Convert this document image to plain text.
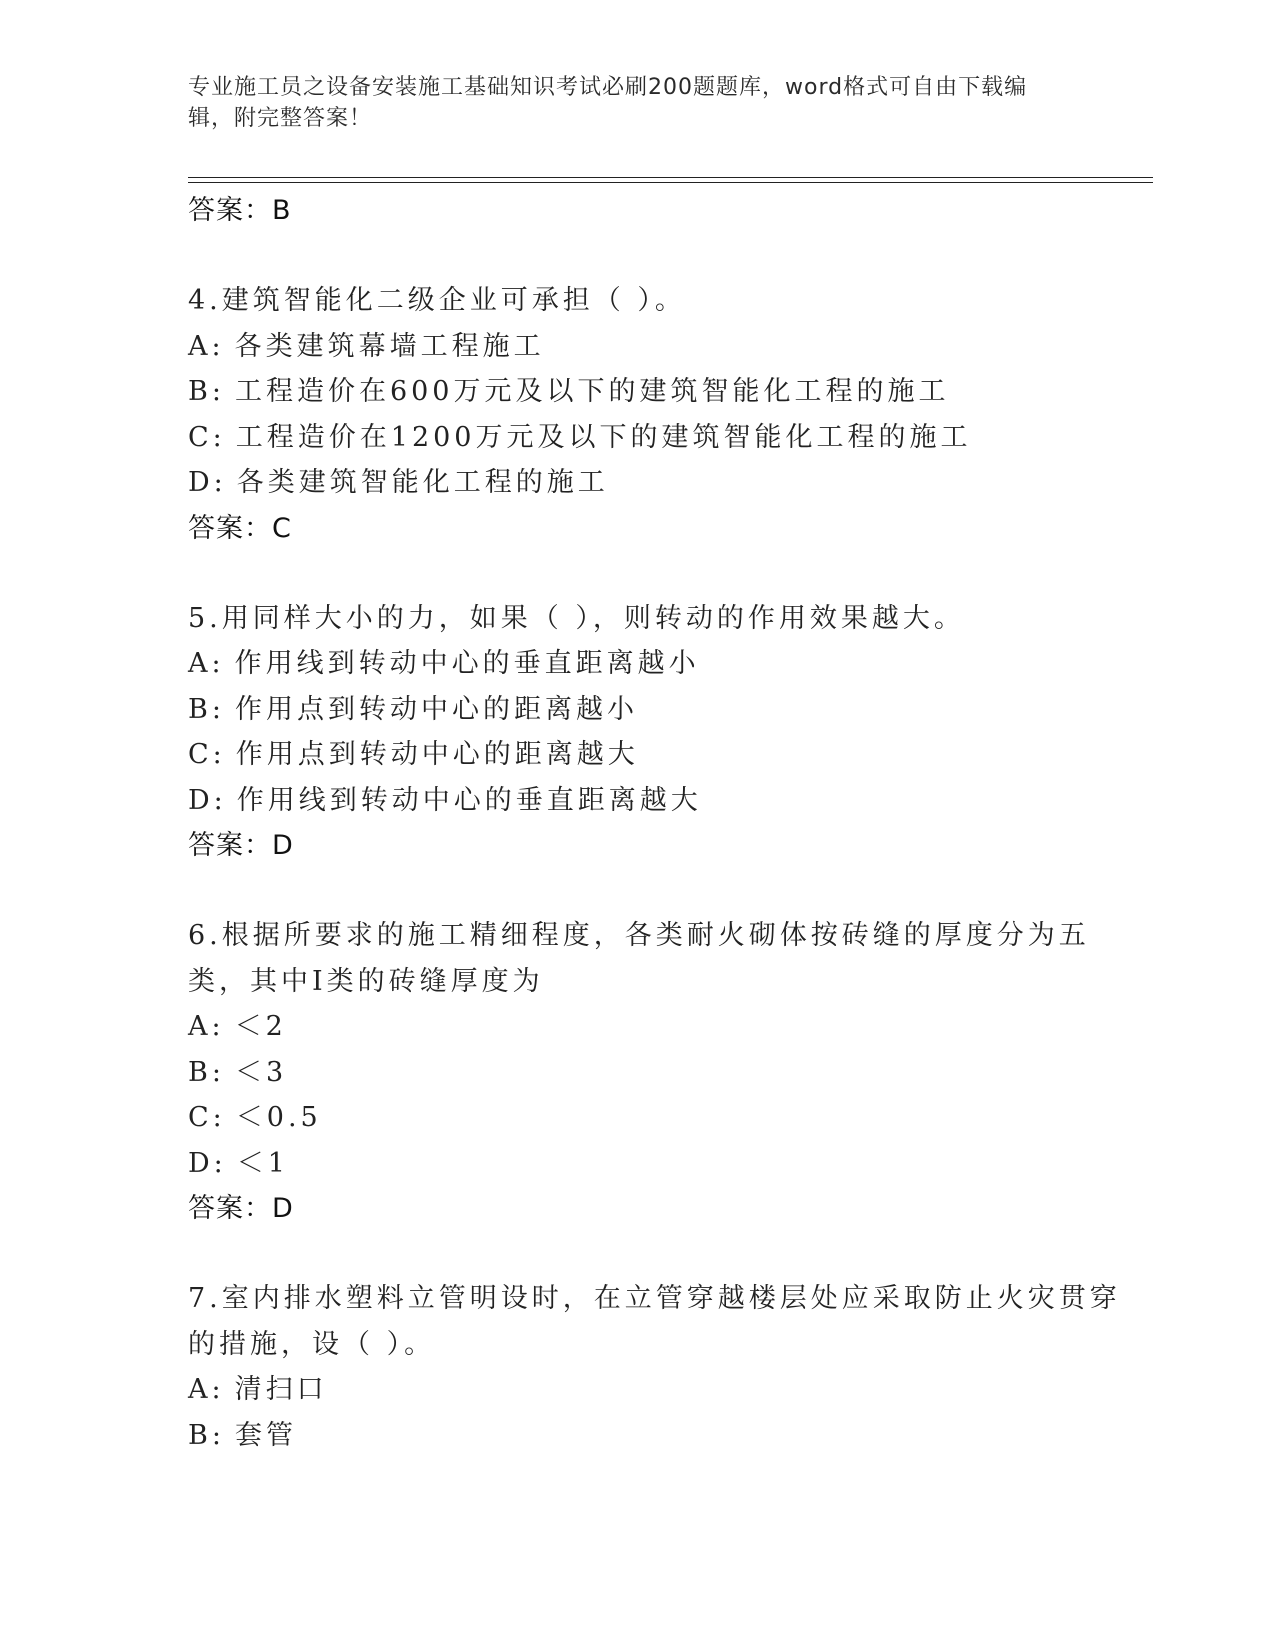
专业施工员之设备安装施工基础知识考试必刷200题题库，word格式可自由下载编辑，附完整答案！

答案：B

4.建筑智能化二级企业可承担（ ）。

A: 各类建筑幕墙工程施工

B: 工程造价在600万元及以下的建筑智能化工程的施工

C: 工程造价在1200万元及以下的建筑智能化工程的施工

D: 各类建筑智能化工程的施工

答案：C

5.用同样大小的力，如果（ ），则转动的作用效果越大。

A: 作用线到转动中心的垂直距离越小

B: 作用点到转动中心的距离越小

C: 作用点到转动中心的距离越大

D: 作用线到转动中心的垂直距离越大

答案：D

6.根据所要求的施工精细程度，各类耐火砌体按砖缝的厚度分为五类，其中Ⅰ类的砖缝厚度为

A: ＜2

B: ＜3

C: ＜0.5

D: ＜1

答案：D

7.室内排水塑料立管明设时，在立管穿越楼层处应采取防止火灾贯穿的措施，设（ ）。

A: 清扫口

B: 套管
